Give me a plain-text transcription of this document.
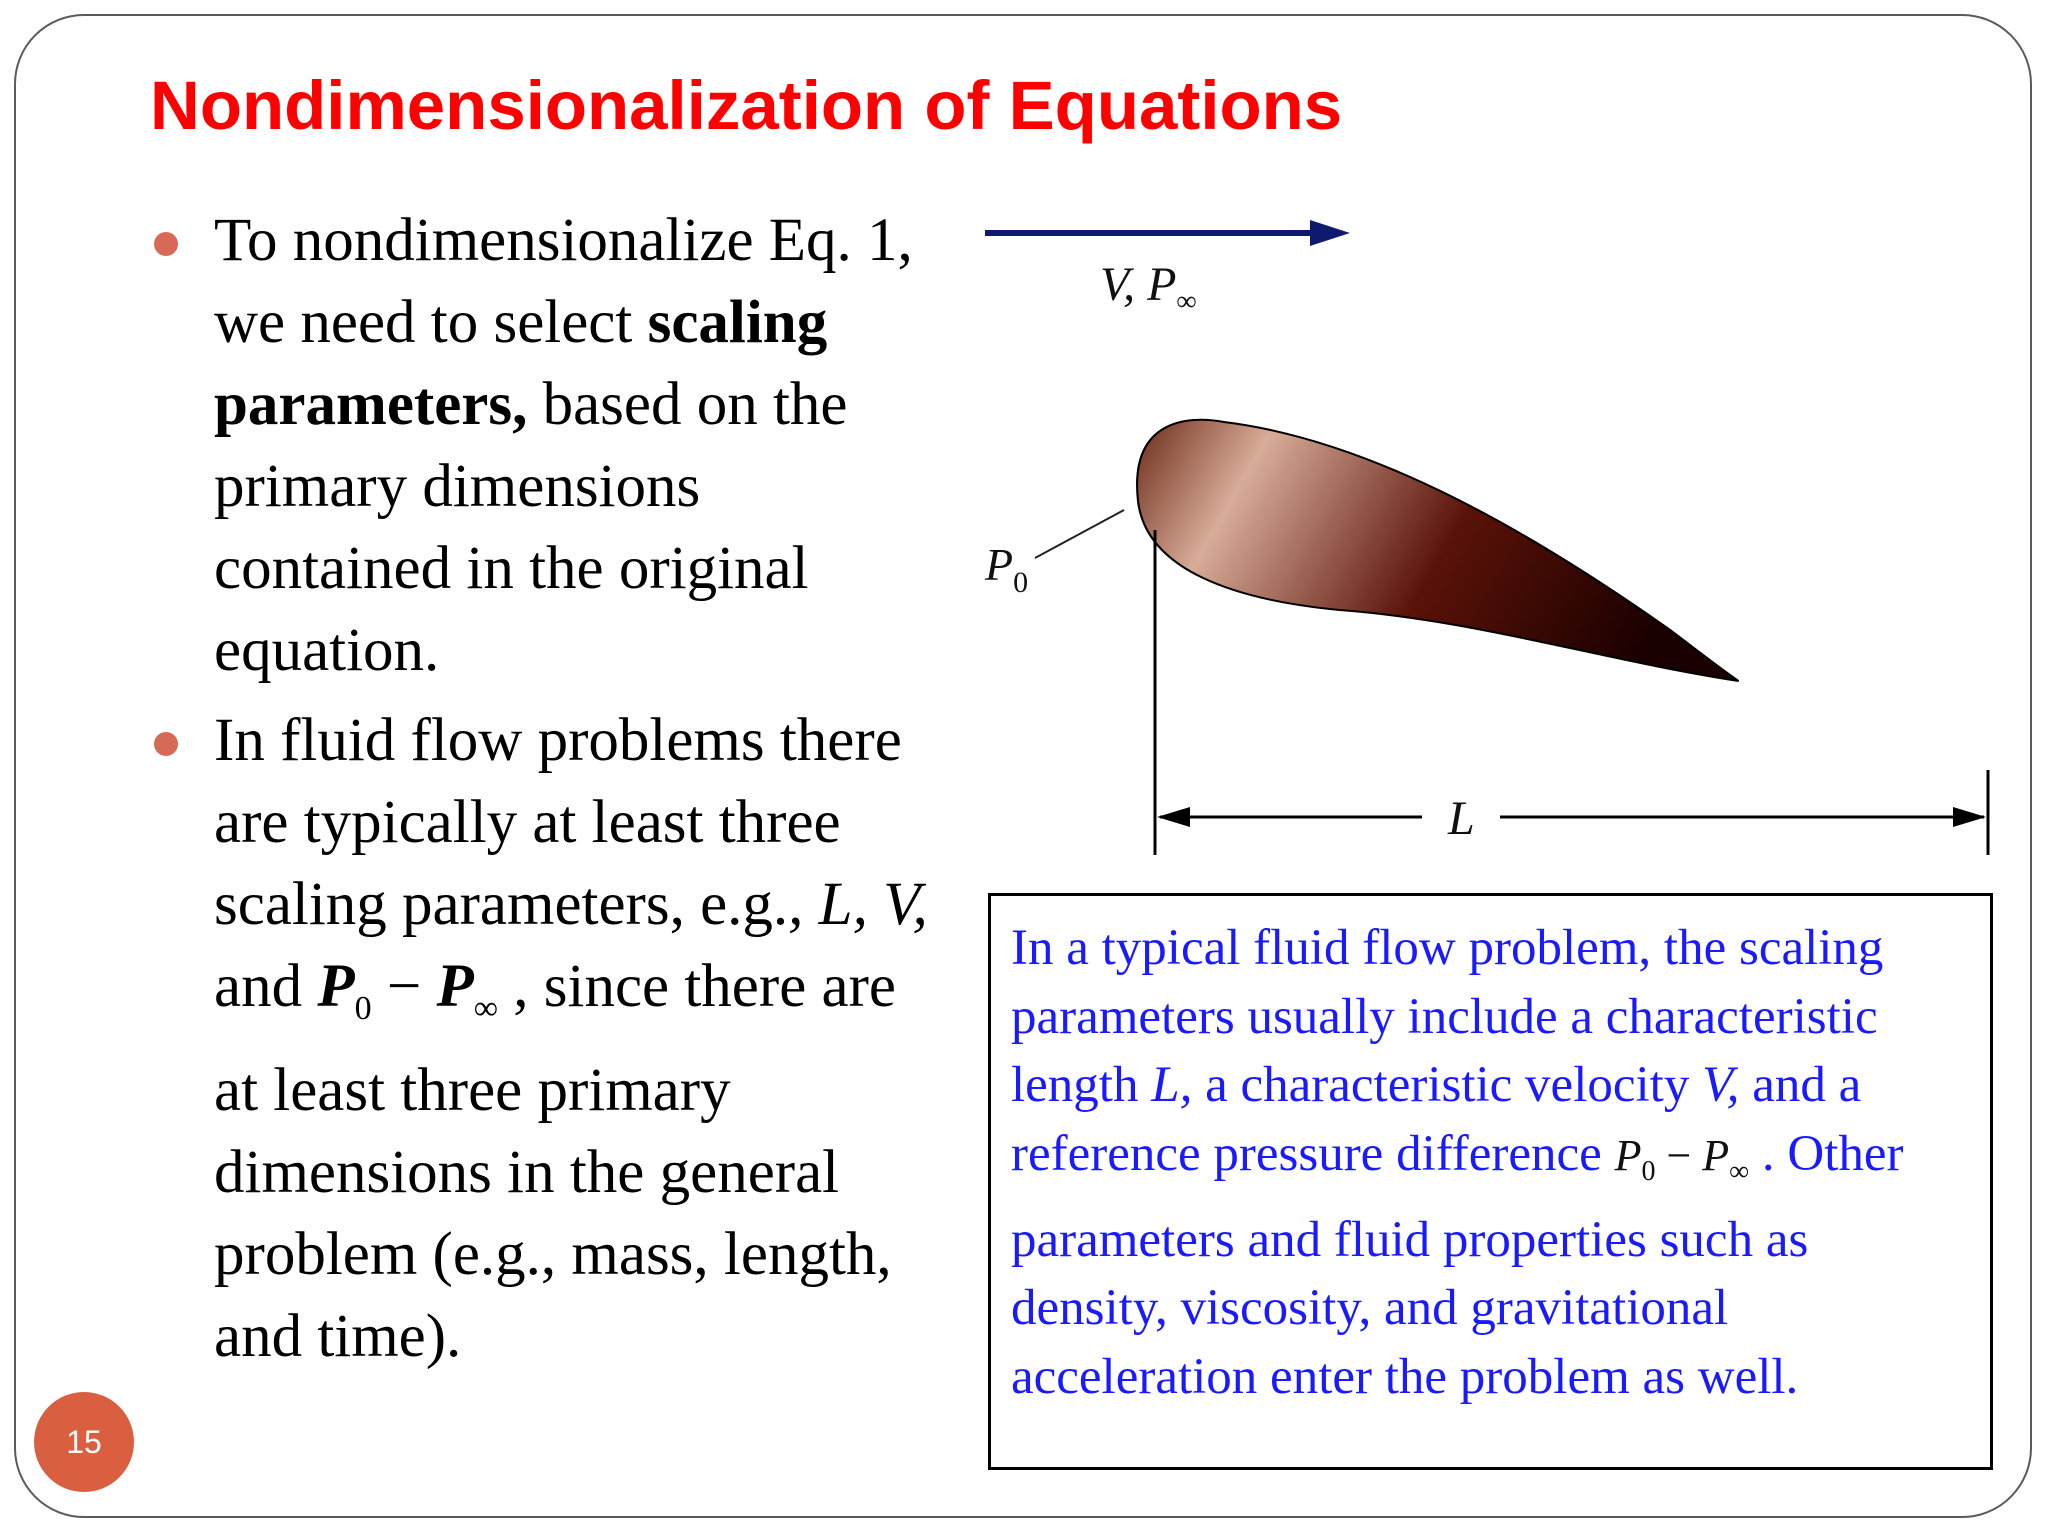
Nondimensionalization of Equations

To nondimensionalize Eq. 1, we need to select scaling parameters, based on the primary dimensions contained in the original equation.

In fluid flow problems there are typically at least three scaling parameters, e.g., L, V, and $P_0 - P_\infty$ , since there are at least three primary dimensions in the general problem (e.g., mass, length, and time).

15
V, $P_\infty$
$P_0$
L

In a typical fluid flow problem, the scaling parameters usually include a characteristic length L, a characteristic velocity V, and a reference pressure difference $P_0 - P_\infty$ . Other parameters and fluid properties such as density, viscosity, and gravitational acceleration enter the problem as well.
